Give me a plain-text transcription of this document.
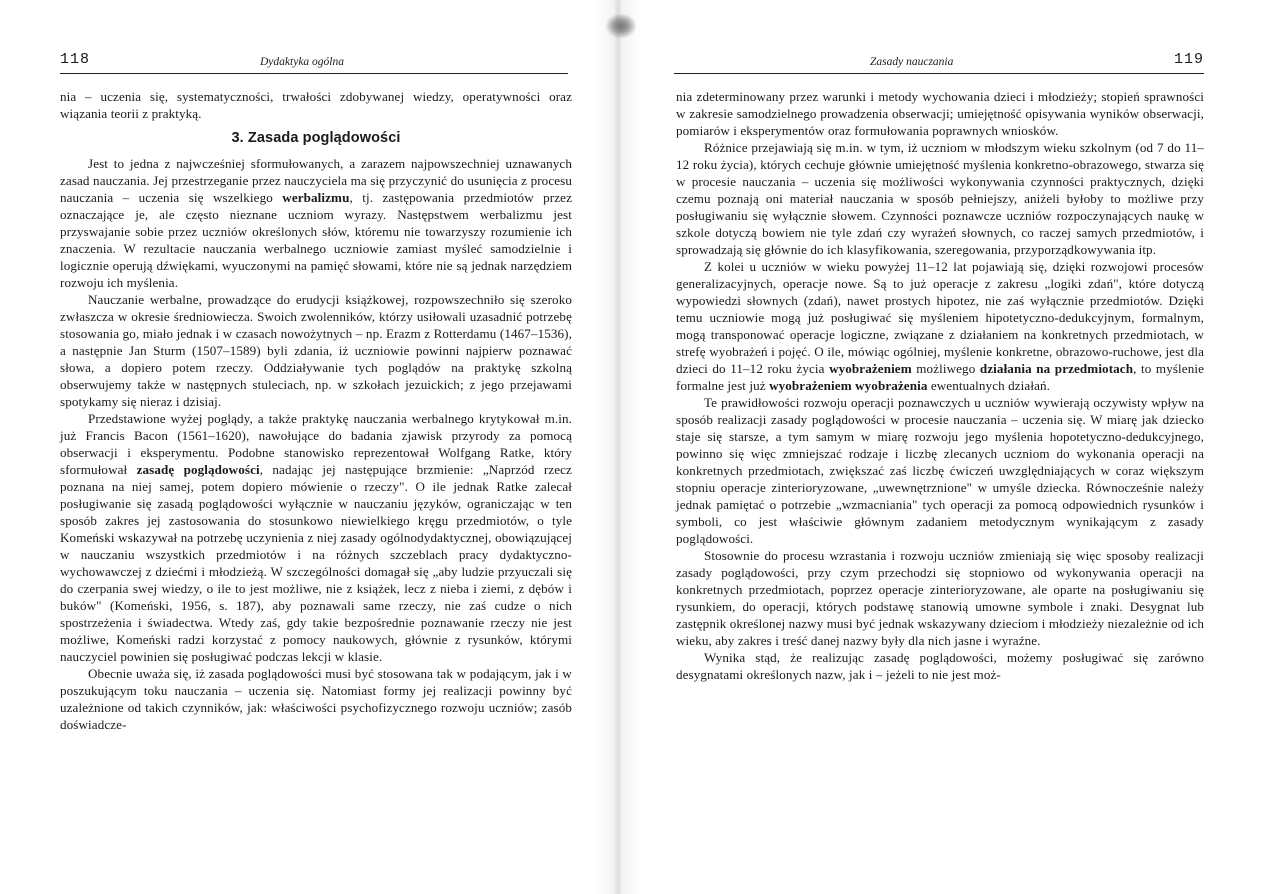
118	Dydaktyka ogólna

nia – uczenia się, systematyczności, trwałości zdobywanej wiedzy, operatywności oraz wiązania teorii z praktyką.

3. Zasada poglądowości

Jest to jedna z najwcześniej sformułowanych, a zarazem najpowszechniej uznawanych zasad nauczania. Jej przestrzeganie przez nauczyciela ma się przyczynić do usunięcia z procesu nauczania – uczenia się wszelkiego werbalizmu, tj. zastępowania przedmiotów przez oznaczające je, ale często nieznane uczniom wyrazy. Następstwem werbalizmu jest przyswajanie sobie przez uczniów określonych słów, któremu nie towarzyszy rozumienie ich znaczenia. W rezultacie nauczania werbalnego uczniowie zamiast myśleć samodzielnie i logicznie operują dźwiękami, wyuczonymi na pamięć słowami, które nie są jednak narzędziem rozwoju ich myślenia.

Nauczanie werbalne, prowadzące do erudycji książkowej, rozpowszechniło się szeroko zwłaszcza w okresie średniowiecza. Swoich zwolenników, którzy usiłowali uzasadnić potrzebę stosowania go, miało jednak i w czasach nowożytnych – np. Erazm z Rotterdamu (1467–1536), a następnie Jan Sturm (1507–1589) byli zdania, iż uczniowie powinni najpierw poznawać słowa, a dopiero potem rzeczy. Oddziaływanie tych poglądów na praktykę szkolną obserwujemy także w następnych stuleciach, np. w szkołach jezuickich; z jego przejawami spotykamy się nieraz i dzisiaj.

Przedstawione wyżej poglądy, a także praktykę nauczania werbalnego krytykował m.in. już Francis Bacon (1561–1620), nawołujące do badania zjawisk przyrody za pomocą obserwacji i eksperymentu. Podobne stanowisko reprezentował Wolfgang Ratke, który sformułował zasadę poglądowości, nadając jej następujące brzmienie: „Naprzód rzecz poznana na niej samej, potem dopiero mówienie o rzeczy". O ile jednak Ratke zalecał posługiwanie się zasadą poglądowości wyłącznie w nauczaniu języków, ograniczając w ten sposób zakres jej zastosowania do stosunkowo niewielkiego kręgu przedmiotów, o tyle Komeński wskazywał na potrzebę uczynienia z niej zasady ogólnodydaktycznej, obowiązującej w nauczaniu wszystkich przedmiotów i na różnych szczeblach pracy dydaktyczno-wychowawczej z dziećmi i młodzieżą. W szczególności domagał się „aby ludzie przyuczali się do czerpania swej wiedzy, o ile to jest możliwe, nie z książek, lecz z nieba i ziemi, z dębów i buków" (Komeński, 1956, s. 187), aby poznawali same rzeczy, nie zaś cudze o nich spostrzeżenia i świadectwa. Wtedy zaś, gdy takie bezpośrednie poznawanie rzeczy nie jest możliwe, Komeński radzi korzystać z pomocy naukowych, głównie z rysunków, którymi nauczyciel powinien się posługiwać podczas lekcji w klasie.

Obecnie uważa się, iż zasada poglądowości musi być stosowana tak w podającym, jak i w poszukującym toku nauczania – uczenia się. Natomiast formy jej realizacji powinny być uzależnione od takich czynników, jak: właściwości psychofizycznego rozwoju uczniów; zasób doświadcze-

Zasady nauczania	119

nia zdeterminowany przez warunki i metody wychowania dzieci i młodzieży; stopień sprawności w zakresie samodzielnego prowadzenia obserwacji; umiejętność opisywania wyników obserwacji, pomiarów i eksperymentów oraz formułowania poprawnych wniosków.

Różnice przejawiają się m.in. w tym, iż uczniom w młodszym wieku szkolnym (od 7 do 11–12 roku życia), których cechuje głównie umiejętność myślenia konkretno-obrazowego, stwarza się w procesie nauczania – uczenia się możliwości wykonywania czynności praktycznych, dzięki czemu poznają oni materiał nauczania w sposób pełniejszy, aniżeli byłoby to możliwe przy posługiwaniu się wyłącznie słowem. Czynności poznawcze uczniów rozpoczynających naukę w szkole dotyczą bowiem nie tyle zdań czy wyrażeń słownych, co raczej samych przedmiotów, i sprowadzają się głównie do ich klasyfikowania, szeregowania, przyporządkowywania itp.

Z kolei u uczniów w wieku powyżej 11–12 lat pojawiają się, dzięki rozwojowi procesów generalizacyjnych, operacje nowe. Są to już operacje z zakresu „logiki zdań", które dotyczą wypowiedzi słownych (zdań), nawet prostych hipotez, nie zaś wyłącznie przedmiotów. Dzięki temu uczniowie mogą już posługiwać się myśleniem hipotetyczno-dedukcyjnym, formalnym, mogą transponować operacje logiczne, związane z działaniem na konkretnych przedmiotach, w strefę wyobrażeń i pojęć. O ile, mówiąc ogólniej, myślenie konkretne, obrazowo-ruchowe, jest dla dzieci do 11–12 roku życia wyobrażeniem możliwego działania na przedmiotach, to myślenie formalne jest już wyobrażeniem wyobrażenia ewentualnych działań.

Te prawidłowości rozwoju operacji poznawczych u uczniów wywierają oczywisty wpływ na sposób realizacji zasady poglądowości w procesie nauczania – uczenia się. W miarę jak dziecko staje się starsze, a tym samym w miarę rozwoju jego myślenia hopotetyczno-dedukcyjnego, powinno się więc zmniejszać rodzaje i liczbę zlecanych uczniom do wykonania operacji na konkretnych przedmiotach, zwiększać zaś liczbę ćwiczeń uwzględniających w coraz większym stopniu operacje zinterioryzowane, „uwewnętrznione" w umyśle dziecka. Równocześnie należy jednak pamiętać o potrzebie „wzmacniania" tych operacji za pomocą odpowiednich rysunków i symboli, co jest właściwie głównym zadaniem metodycznym wynikającym z zasady poglądowości.

Stosownie do procesu wzrastania i rozwoju uczniów zmieniają się więc sposoby realizacji zasady poglądowości, przy czym przechodzi się stopniowo od wykonywania operacji na konkretnych przedmiotach, poprzez operacje zinterioryzowane, ale oparte na posługiwaniu się rysunkiem, do operacji, których podstawę stanowią umowne symbole i znaki. Desygnat lub zastępnik określonej nazwy musi być jednak wskazywany dzieciom i młodzieży niezależnie od ich wieku, aby zakres i treść danej nazwy były dla nich jasne i wyraźne.

Wynika stąd, że realizując zasadę poglądowości, możemy posługiwać się zarówno desygnatami określonych nazw, jak i – jeżeli to nie jest moż-
